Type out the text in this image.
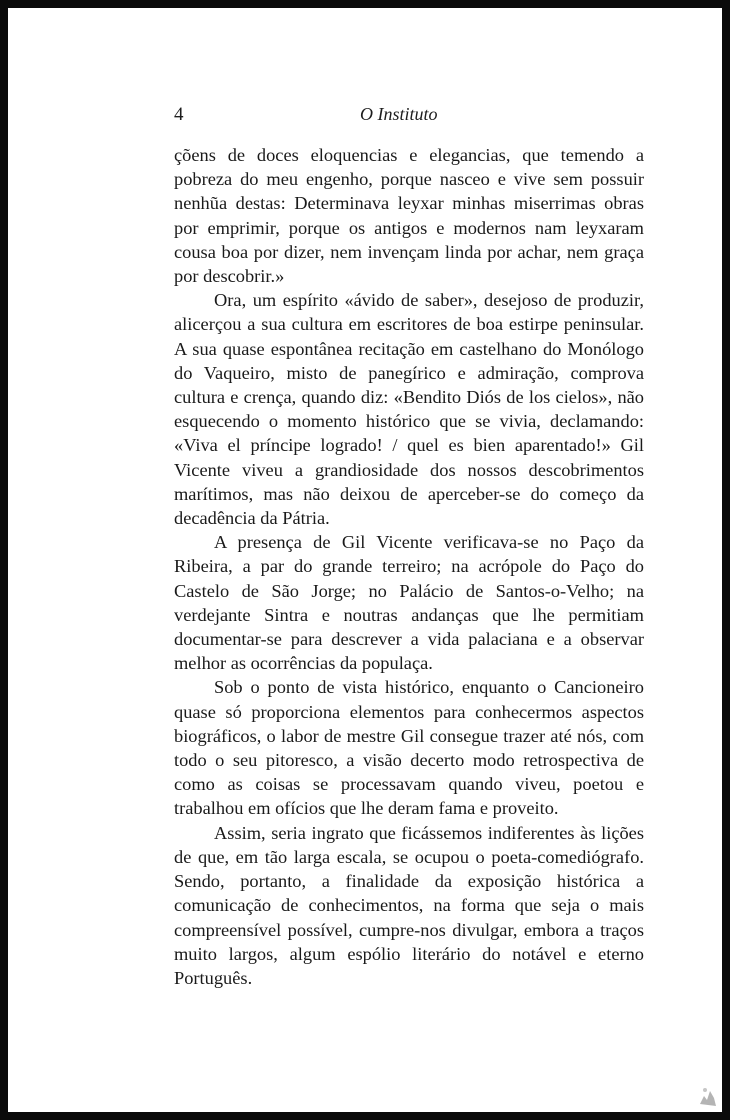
4	O Instituto

çõens de doces eloquencias e elegancias, que temendo a pobreza do meu engenho, porque nasceo e vive sem possuir nenhũa destas: Determinava leyxar minhas miserrimas obras por emprimir, porque os antigos e modernos nam leyxaram cousa boa por dizer, nem invençam linda por achar, nem graça por descobrir.»

Ora, um espírito «ávido de saber», desejoso de produzir, alicerçou a sua cultura em escritores de boa estirpe peninsular. A sua quase espontânea recitação em castelhano do Monólogo do Vaqueiro, misto de panegírico e admiração, comprova cultura e crença, quando diz: «Bendito Diós de los cielos», não esquecendo o momento histórico que se vivia, declamando: «Viva el príncipe logrado! / quel es bien aparentado!» Gil Vicente viveu a grandiosidade dos nossos descobrimentos marítimos, mas não deixou de aperceber-se do começo da decadência da Pátria.

A presença de Gil Vicente verificava-se no Paço da Ribeira, a par do grande terreiro; na acrópole do Paço do Castelo de São Jorge; no Palácio de Santos-o-Velho; na verdejante Sintra e noutras andanças que lhe permitiam documentar-se para descrever a vida palaciana e a observar melhor as ocorrências da populaça.

Sob o ponto de vista histórico, enquanto o Cancioneiro quase só proporciona elementos para conhecermos aspectos biográficos, o labor de mestre Gil consegue trazer até nós, com todo o seu pitoresco, a visão decerto modo retrospectiva de como as coisas se processavam quando viveu, poetou e trabalhou em ofícios que lhe deram fama e proveito.

Assim, seria ingrato que ficássemos indiferentes às lições de que, em tão larga escala, se ocupou o poeta-comediógrafo. Sendo, portanto, a finalidade da exposição histórica a comunicação de conhecimentos, na forma que seja o mais compreensível possível, cumpre-nos divulgar, embora a traços muito largos, algum espólio literário do notável e eterno Português.
